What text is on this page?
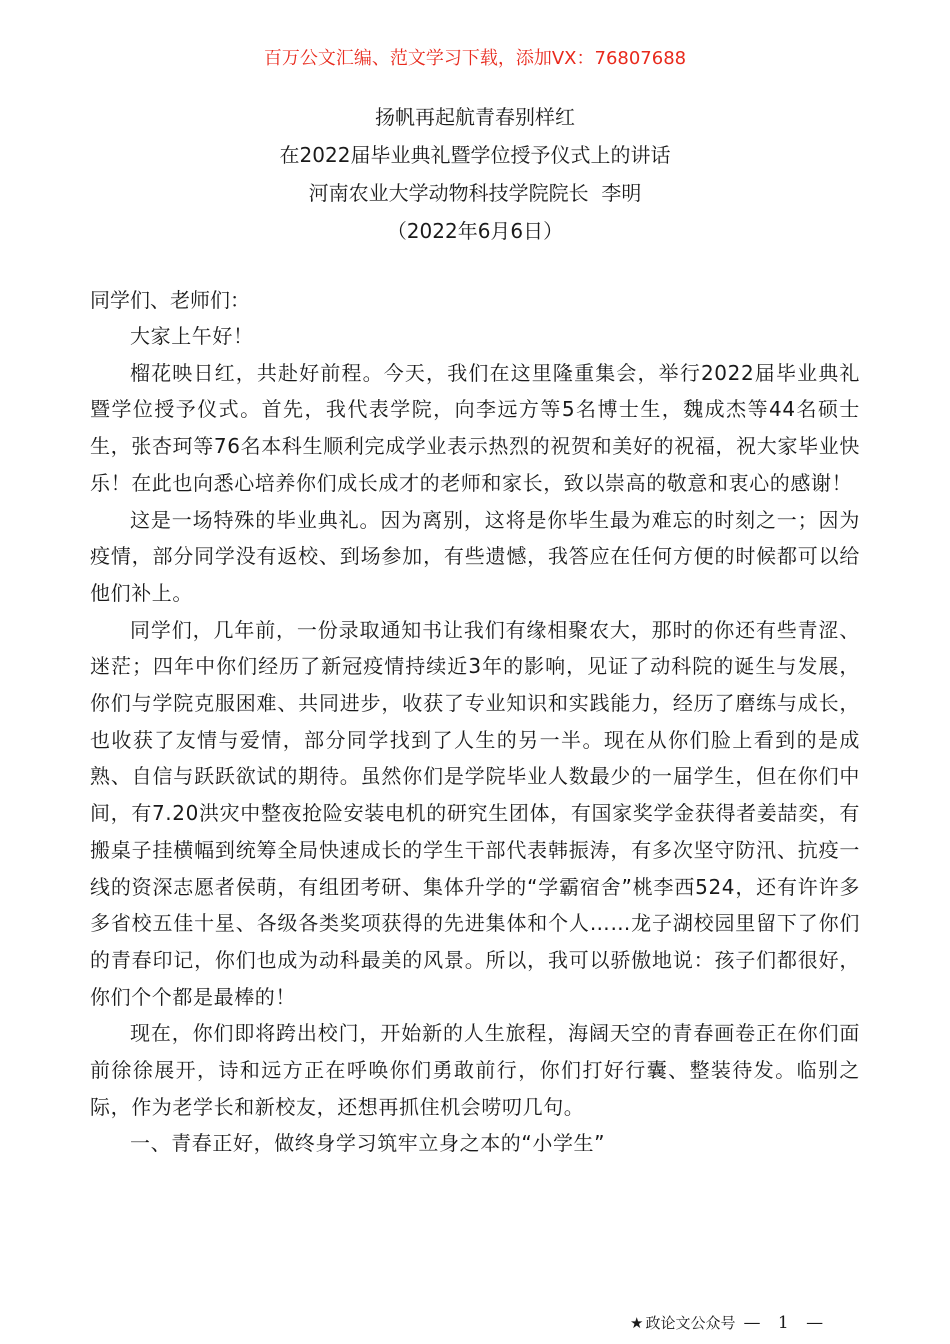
百万公文汇编、范文学习下载，添加VX：76807688
扬帆再起航青春别样红
在2022届毕业典礼暨学位授予仪式上的讲话
河南农业大学动物科技学院院长  李明
（2022年6月6日）

同学们、老师们：

大家上午好！

榴花映日红，共赴好前程。今天，我们在这里隆重集会，举行2022届毕业典礼暨学位授予仪式。首先，我代表学院，向李远方等5名博士生，魏成杰等44名硕士生，张杏珂等76名本科生顺利完成学业表示热烈的祝贺和美好的祝福，祝大家毕业快乐！在此也向悉心培养你们成长成才的老师和家长，致以崇高的敬意和衷心的感谢！

这是一场特殊的毕业典礼。因为离别，这将是你毕生最为难忘的时刻之一；因为疫情，部分同学没有返校、到场参加，有些遗憾，我答应在任何方便的时候都可以给他们补上。

同学们，几年前，一份录取通知书让我们有缘相聚农大，那时的你还有些青涩、迷茫；四年中你们经历了新冠疫情持续近3年的影响，见证了动科院的诞生与发展，你们与学院克服困难、共同进步，收获了专业知识和实践能力，经历了磨练与成长，也收获了友情与爱情，部分同学找到了人生的另一半。现在从你们脸上看到的是成熟、自信与跃跃欲试的期待。虽然你们是学院毕业人数最少的一届学生，但在你们中间，有7.20洪灾中整夜抢险安装电机的研究生团体，有国家奖学金获得者姜喆奕，有搬桌子挂横幅到统筹全局快速成长的学生干部代表韩振涛，有多次坚守防汛、抗疫一线的资深志愿者侯萌，有组团考研、集体升学的“学霸宿舍”桃李西524，还有许许多多省校五佳十星、各级各类奖项获得的先进集体和个人……龙子湖校园里留下了你们的青春印记，你们也成为动科最美的风景。所以，我可以骄傲地说：孩子们都很好，你们个个都是最棒的！

现在，你们即将跨出校门，开始新的人生旅程，海阔天空的青春画卷正在你们面前徐徐展开，诗和远方正在呼唤你们勇敢前行，你们打好行囊、整装待发。临别之际，作为老学长和新校友，还想再抓住机会唠叨几句。

一、青春正好，做终身学习筑牢立身之本的“小学生”

★ 政论文公众号 — 1 —
